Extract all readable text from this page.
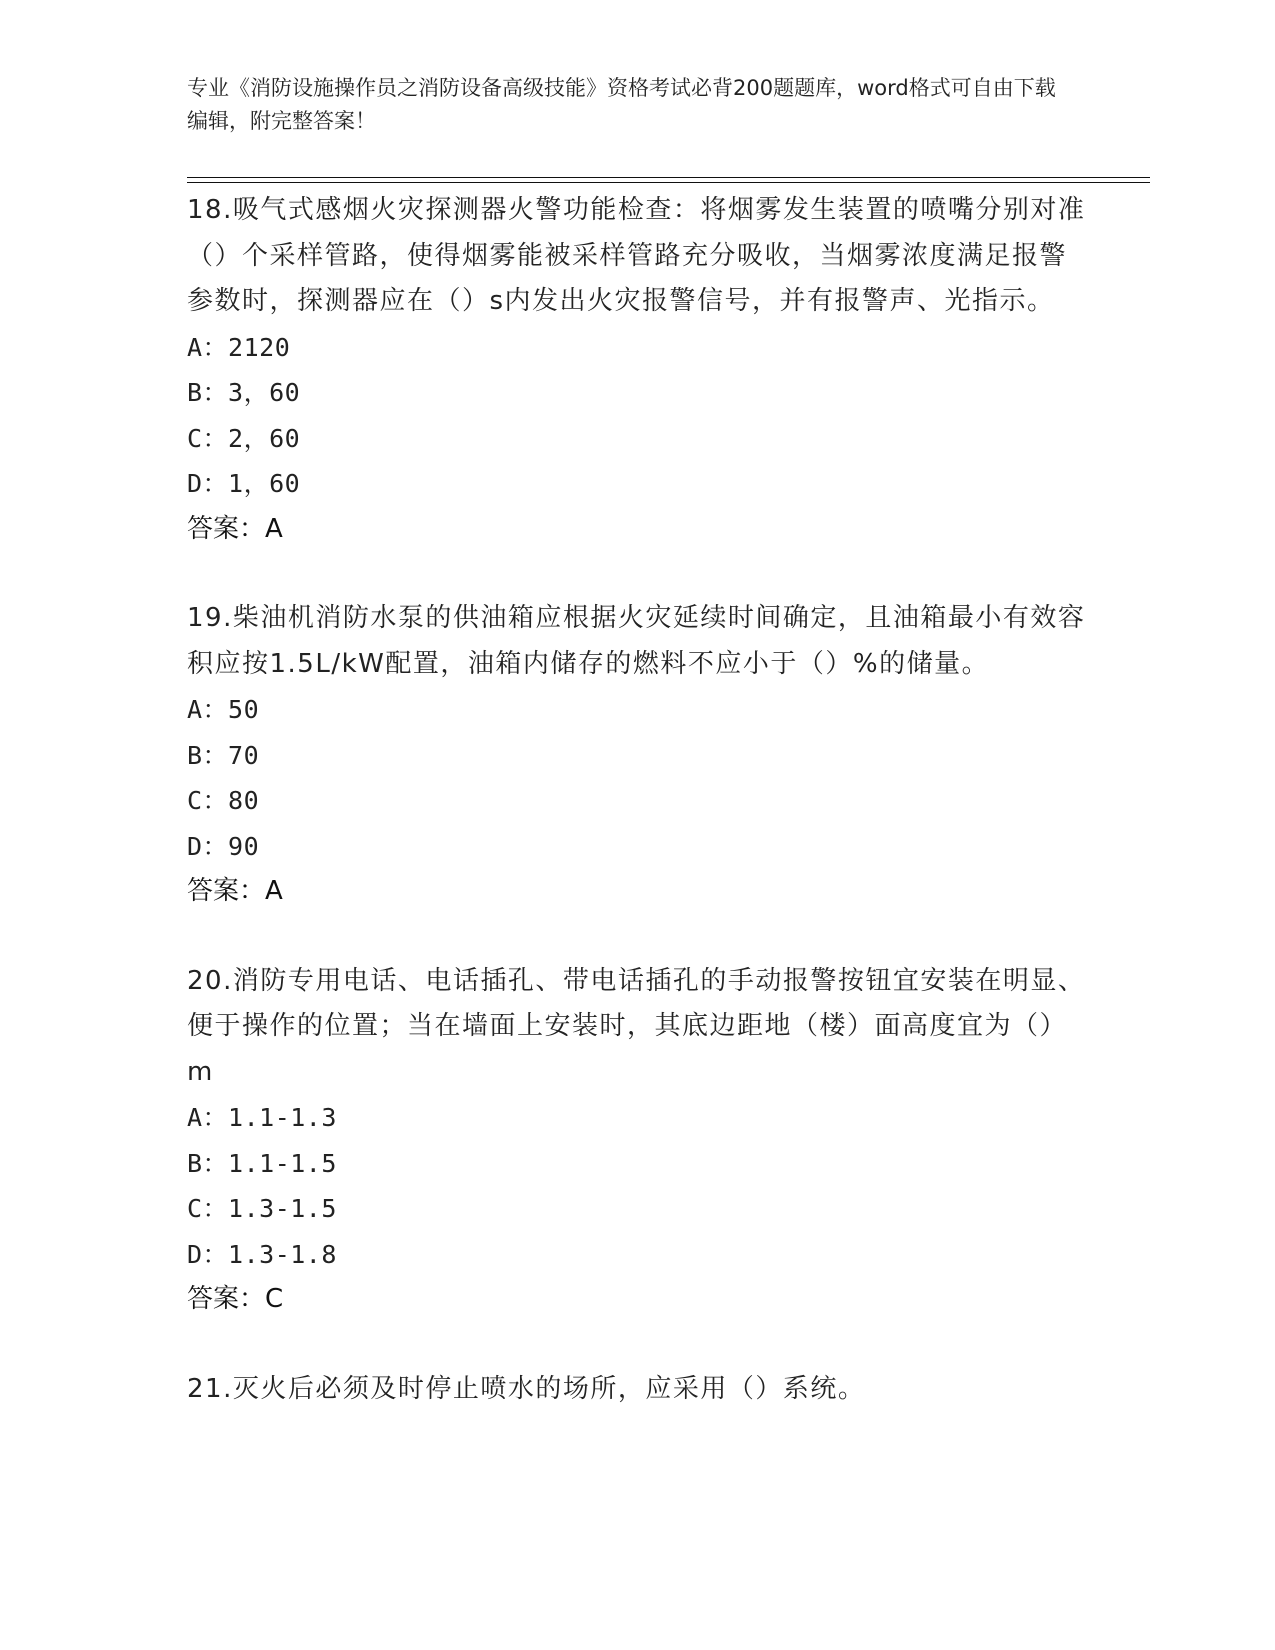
专业《消防设施操作员之消防设备高级技能》资格考试必背200题题库，word格式可自由下载编辑，附完整答案！

18.吸气式感烟火灾探测器火警功能检查：将烟雾发生装置的喷嘴分别对准（）个采样管路，使得烟雾能被采样管路充分吸收，当烟雾浓度满足报警参数时，探测器应在（）s内发出火灾报警信号，并有报警声、光指示。

A：2120

B：3，60

C：2，60

D：1，60

答案：A

19.柴油机消防水泵的供油箱应根据火灾延续时间确定，且油箱最小有效容积应按1.5L/kW配置，油箱内储存的燃料不应小于（）%的储量。

A：50

B：70

C：80

D：90

答案：A

20.消防专用电话、电话插孔、带电话插孔的手动报警按钮宜安装在明显、便于操作的位置；当在墙面上安装时，其底边距地（楼）面高度宜为（）m

A：1.1-1.3

B：1.1-1.5

C：1.3-1.5

D：1.3-1.8

答案：C

21.灭火后必须及时停止喷水的场所，应采用（）系统。
